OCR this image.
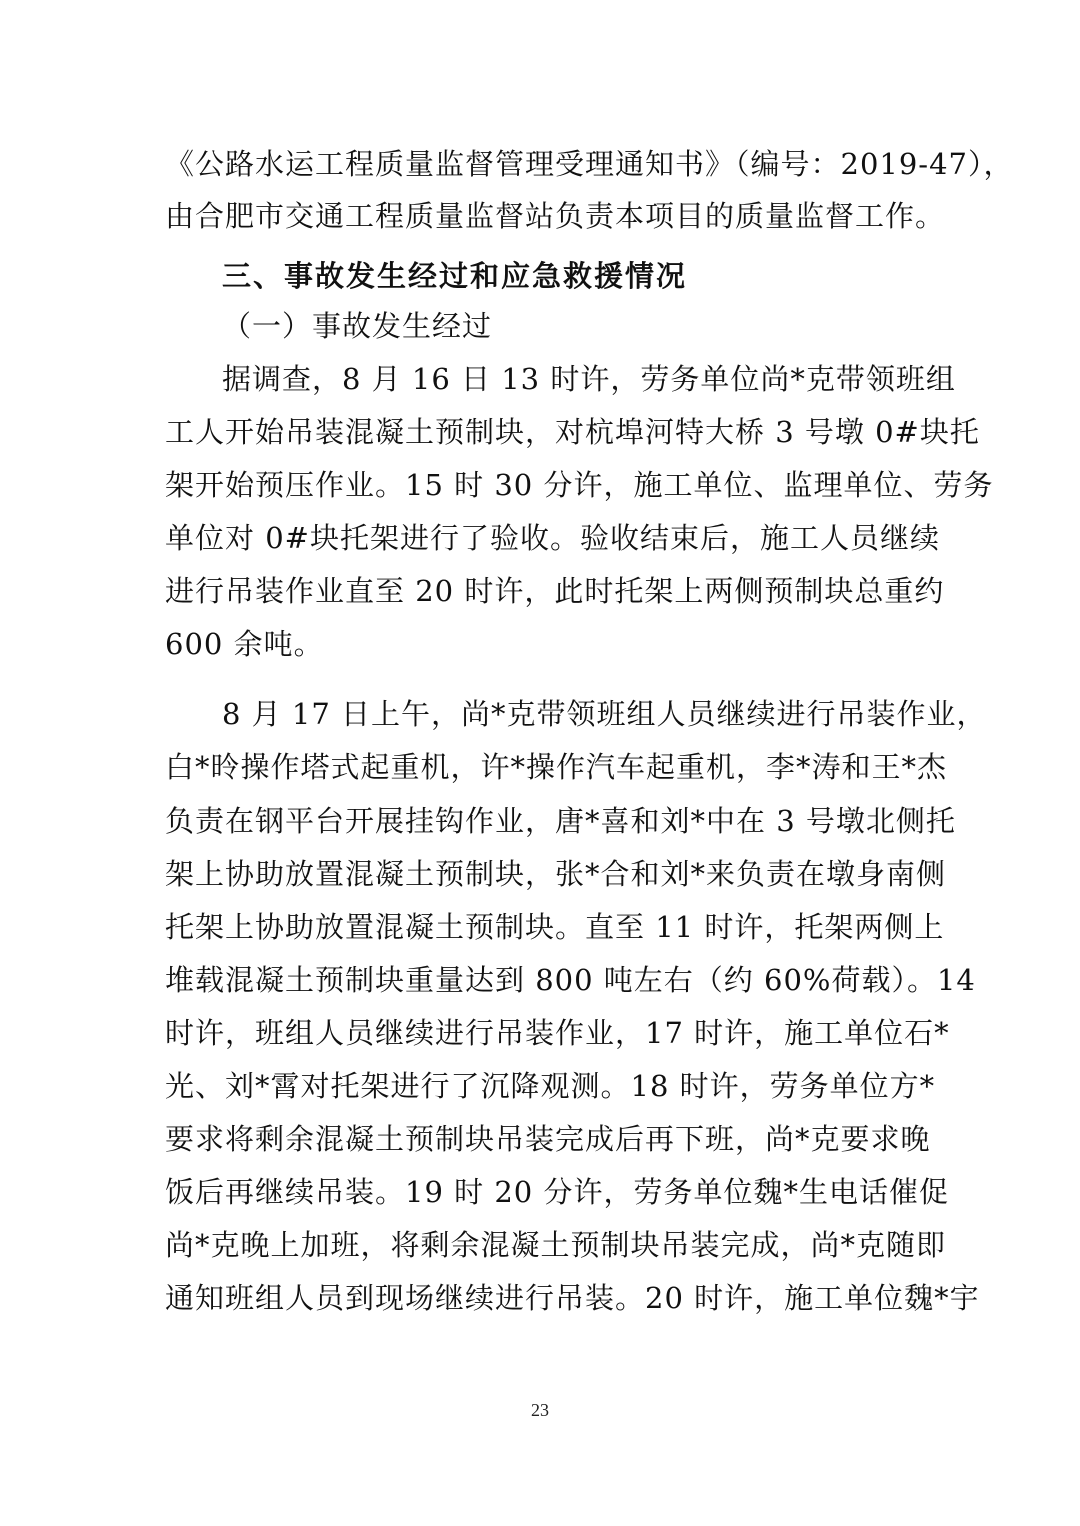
《公路水运工程质量监督管理受理通知书》（编号：2019-47），
由合肥市交通工程质量监督站负责本项目的质量监督工作。
三、事故发生经过和应急救援情况
（一）事故发生经过
据调查，8 月 16 日 13 时许，劳务单位尚*克带领班组
工人开始吊装混凝土预制块，对杭埠河特大桥 3 号墩 0#块托
架开始预压作业。15 时 30 分许，施工单位、监理单位、劳务
单位对 0#块托架进行了验收。验收结束后，施工人员继续
进行吊装作业直至 20 时许，此时托架上两侧预制块总重约
600 余吨。
8 月 17 日上午，尚*克带领班组人员继续进行吊装作业，
白*昤操作塔式起重机，许*操作汽车起重机，李*涛和王*杰
负责在钢平台开展挂钩作业，唐*喜和刘*中在 3 号墩北侧托
架上协助放置混凝土预制块，张*合和刘*来负责在墩身南侧
托架上协助放置混凝土预制块。直至 11 时许，托架两侧上
堆载混凝土预制块重量达到 800 吨左右（约 60%荷载）。14
时许，班组人员继续进行吊装作业，17 时许，施工单位石*
光、刘*霄对托架进行了沉降观测。18 时许，劳务单位方*
要求将剩余混凝土预制块吊装完成后再下班，尚*克要求晚
饭后再继续吊装。19 时 20 分许，劳务单位魏*生电话催促
尚*克晚上加班，将剩余混凝土预制块吊装完成，尚*克随即
通知班组人员到现场继续进行吊装。20 时许，施工单位魏*宇
23
